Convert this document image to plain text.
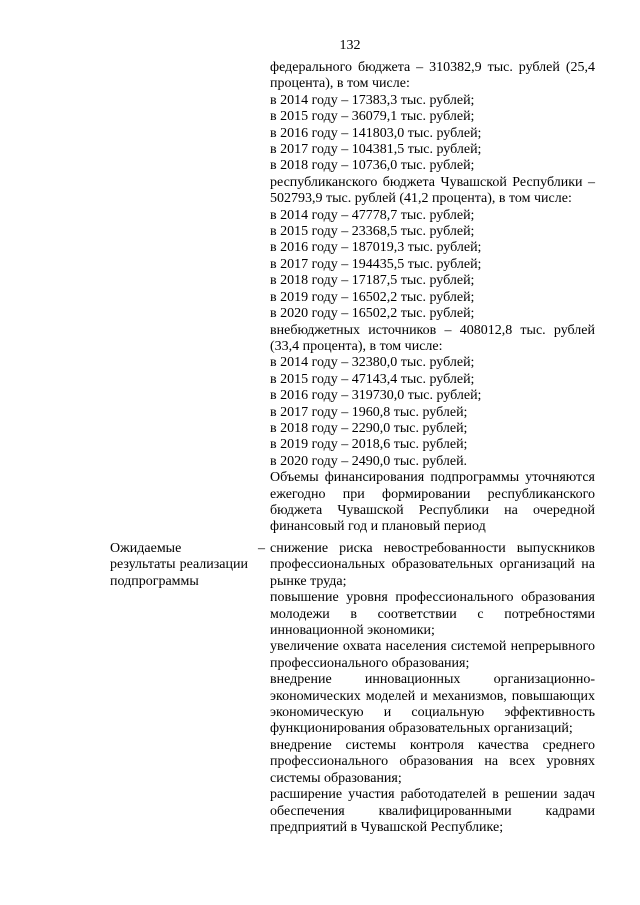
132
федерального бюджета – 310382,9 тыс. рублей (25,4 процента), в том числе:
в 2014 году – 17383,3 тыс. рублей;
в 2015 году – 36079,1 тыс. рублей;
в 2016 году – 141803,0 тыс. рублей;
в 2017 году – 104381,5 тыс. рублей;
в 2018 году – 10736,0 тыс. рублей;
республиканского бюджета Чувашской Республики – 502793,9 тыс. рублей (41,2 процента), в том числе:
в 2014 году – 47778,7 тыс. рублей;
в 2015 году – 23368,5 тыс. рублей;
в 2016 году – 187019,3 тыс. рублей;
в 2017 году – 194435,5 тыс. рублей;
в 2018 году – 17187,5 тыс. рублей;
в 2019 году – 16502,2 тыс. рублей;
в 2020 году – 16502,2 тыс. рублей;
внебюджетных источников – 408012,8 тыс. рублей (33,4 процента), в том числе:
в 2014 году – 32380,0 тыс. рублей;
в 2015 году – 47143,4 тыс. рублей;
в 2016 году – 319730,0 тыс. рублей;
в 2017 году – 1960,8 тыс. рублей;
в 2018 году – 2290,0 тыс. рублей;
в 2019 году – 2018,6 тыс. рублей;
в 2020 году – 2490,0 тыс. рублей.
Объемы финансирования подпрограммы уточняются ежегодно при формировании республиканского бюджета Чувашской Республики на очередной финансовый год и плановый период
Ожидаемые результаты реализации подпрограммы
– снижение риска невостребованности выпускников профессиональных образовательных организаций на рынке труда;
повышение уровня профессионального образования молодежи в соответствии с потребностями инновационной экономики;
увеличение охвата населения системой непрерывного профессионального образования;
внедрение инновационных организационно-экономических моделей и механизмов, повышающих экономическую и социальную эффективность функционирования образовательных организаций;
внедрение системы контроля качества среднего профессионального образования на всех уровнях системы образования;
расширение участия работодателей в решении задач обеспечения квалифицированными кадрами предприятий в Чувашской Республике;
